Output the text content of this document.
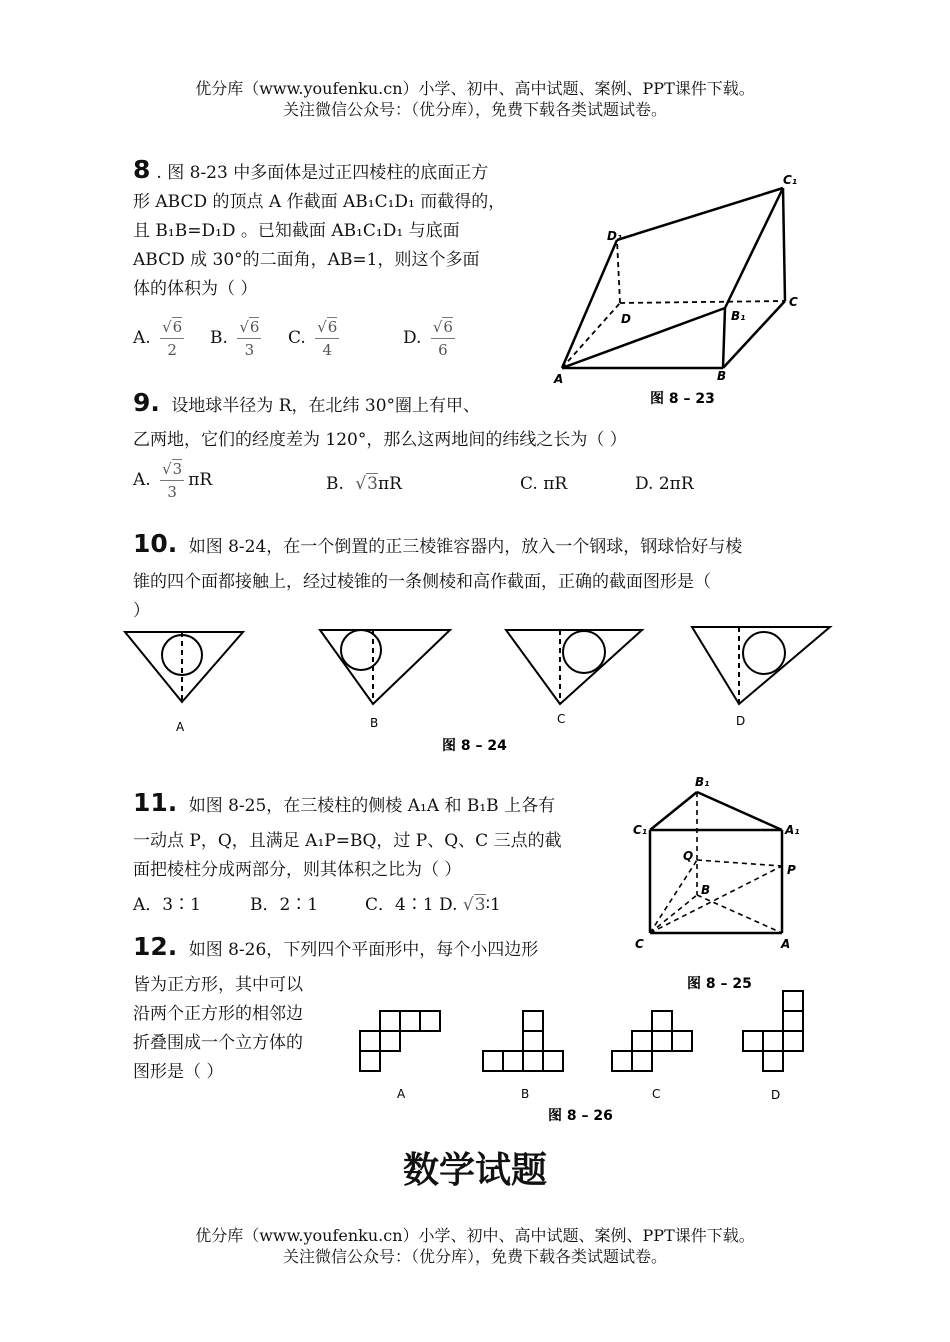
优分库（www.youfenku.cn）小学、初中、高中试题、案例、PPT课件下载。
关注微信公众号：（优分库），免费下载各类试题试卷。
8 . 图 8-23 中多面体是过正四棱柱的底面正方
形 ABCD 的顶点 A 作截面 AB₁C₁D₁ 而截得的，
且 B₁B=D₁D 。已知截面 AB₁C₁D₁ 与底面
ABCD 成 30°的二面角，AB=1，则这个多面
体的体积为（ ）
A. $\frac{√6}{2} B$. $\frac{√6}{3} C$. $\frac{√6}{4}$	D. $\frac{√6}{6}$
A	B
C
D	B₁
C₁
D₁
图 8 – 23
9. 设地球半径为 R，在北纬 30°圈上有甲、
乙两地，它们的经度差为 120°，那么这两地间的纬线之长为（ ）
A. $\frac{√3}{3}$ πR	B. √3πR	C. πR	D. 2πR
10. 如图 8-24，在一个倒置的正三棱锥容器内，放入一个钢球，钢球恰好与棱
锥的四个面都接触上，经过棱锥的一条侧棱和高作截面，正确的截面图形是（
）
A	B	C	D
图 8 – 24
11. 如图 8-25，在三棱柱的侧棱 A₁A 和 B₁B 上各有
一动点 P，Q，且满足 A₁P=BQ，过 P、Q、C 三点的截
面把棱柱分成两部分，则其体积之比为（ ）
A．3∶1	B．2∶1	C．4∶1 D. √3∶1
B₁
C₁	A₁
Q
P
B
C	A
图 8 – 25
12. 如图 8-26，下列四个平面形中，每个小四边形
皆为正方形，其中可以
沿两个正方形的相邻边
折叠围成一个立方体的
图形是（ ）
A	B	C	D
图 8 – 26
数学试题
优分库（www.youfenku.cn）小学、初中、高中试题、案例、PPT课件下载。
关注微信公众号：（优分库），免费下载各类试题试卷。
